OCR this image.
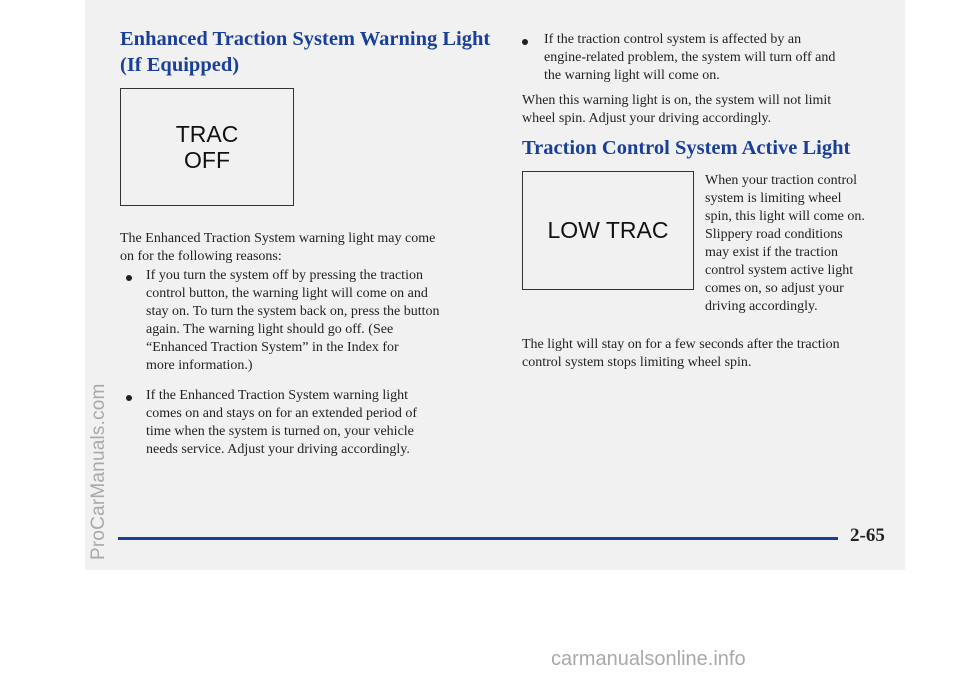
Enhanced Traction System Warning Light
(If Equipped)
TRAC
OFF
The Enhanced Traction System warning light may come
on for the following reasons:
If you turn the system off by pressing the traction
control button, the warning light will come on and
stay on. To turn the system back on, press the button
again. The warning light should go off. (See
“Enhanced Traction System” in the Index for
more information.)
If the Enhanced Traction System warning light
comes on and stays on for an extended period of
time when the system is turned on, your vehicle
needs service. Adjust your driving accordingly.
If the traction control system is affected by an
engine-related problem, the system will turn off and
the warning light will come on.
When this warning light is on, the system will not limit
wheel spin. Adjust your driving accordingly.
Traction Control System Active Light
LOW TRAC
When your traction control
system is limiting wheel
spin, this light will come on.
Slippery road conditions
may exist if the traction
control system active light
comes on, so adjust your
driving accordingly.
The light will stay on for a few seconds after the traction
control system stops limiting wheel spin.
2-65
ProCarManuals.com
carmanualsonline.info
